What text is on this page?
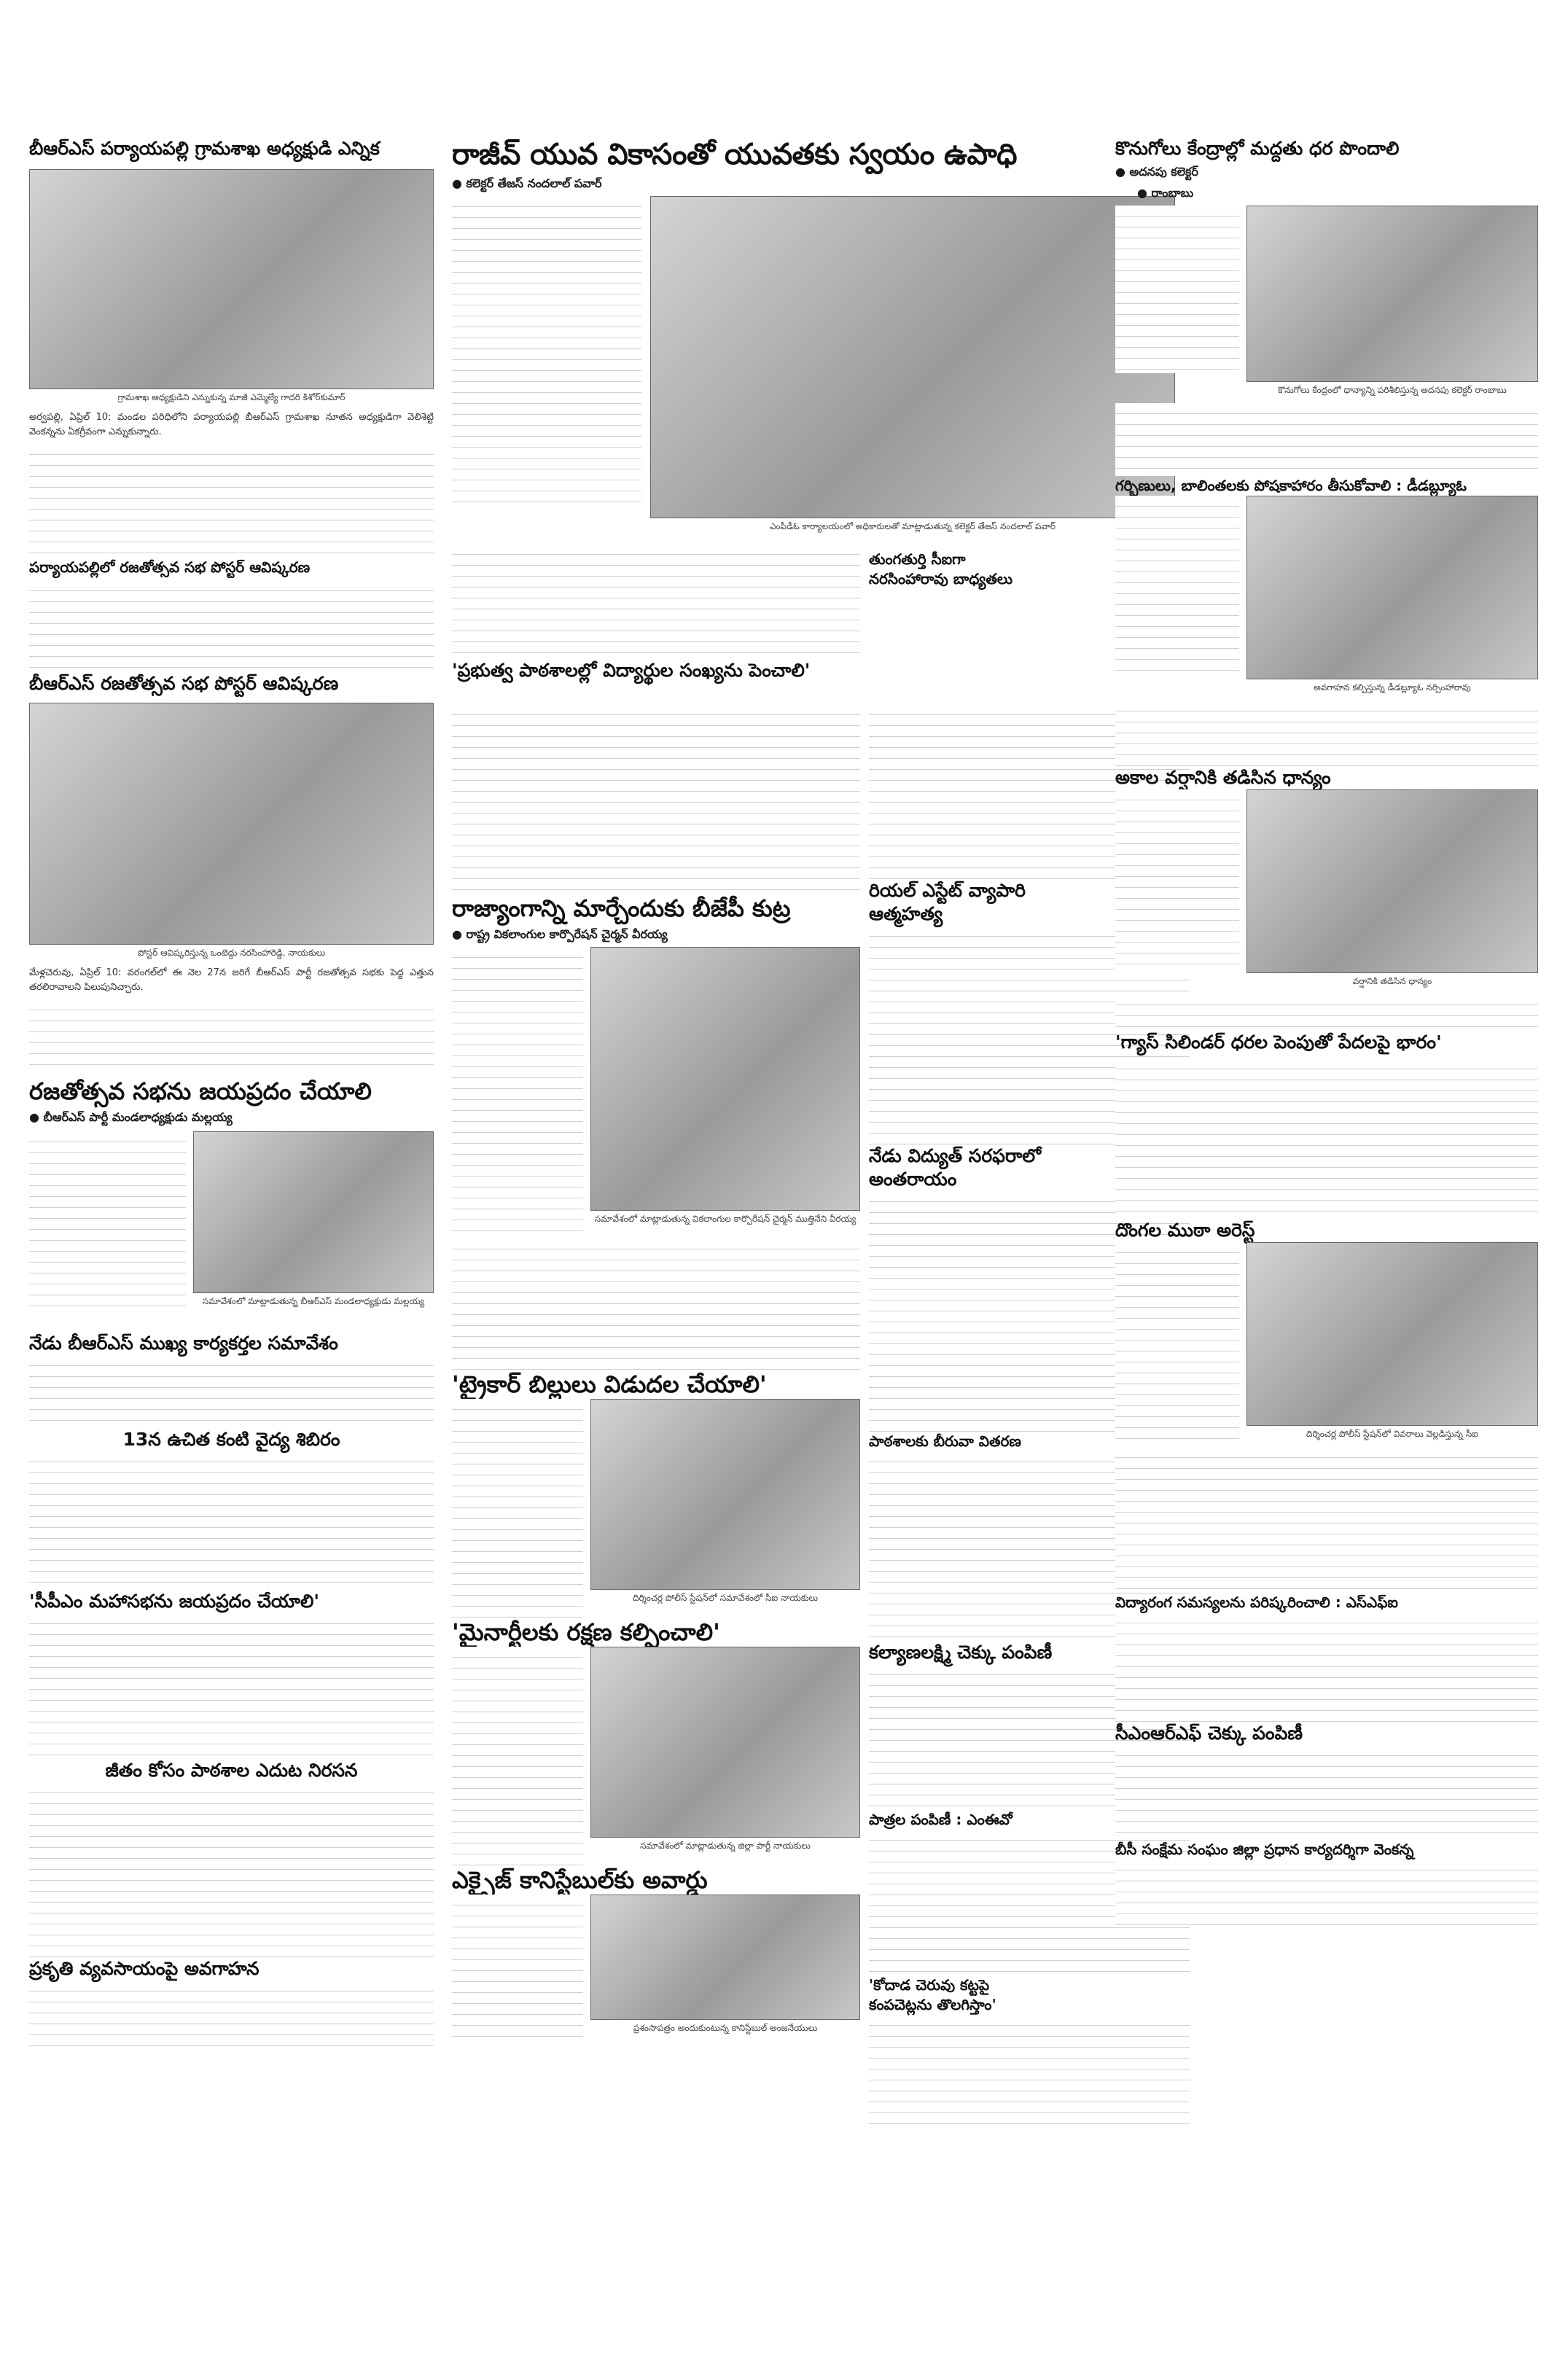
బీఆర్ఎస్ పర్యాయపల్లి గ్రామశాఖ అధ్యక్షుడి ఎన్నిక
గ్రామశాఖ అధ్యక్షుడిని ఎన్నుకున్న మాజీ ఎమ్మెల్యే గాదరి కిశోర్‌కుమార్

అర్వపల్లి, ఏప్రిల్ 10: మండల పరిధిలోని పర్యాయపల్లి బీఆర్ఎస్ గ్రామశాఖ నూతన అధ్యక్షుడిగా వెలిశెట్టి వెంకన్నను ఏకగ్రీవంగా ఎన్నుకున్నారు.

పర్యాయపల్లిలో రజతోత్సవ సభ పోస్టర్ ఆవిష్కరణ
బీఆర్ఎస్ రజతోత్సవ సభ పోస్టర్ ఆవిష్కరణ
పోస్టర్ ఆవిష్కరిస్తున్న ఒంటెద్దు నరసింహారెడ్డి, నాయకులు

మేళ్లచెరువు, ఏప్రిల్ 10: వరంగల్‌లో ఈ నెల 27న జరిగే బీఆర్ఎస్ పార్టీ రజతోత్సవ సభకు పెద్ద ఎత్తున తరలిరావాలని పిలుపునిచ్చారు.

రజతోత్సవ సభను జయప్రదం చేయాలి
● బీఆర్ఎస్ పార్టీ మండలాధ్యక్షుడు మల్లయ్య
సమావేశంలో మాట్లాడుతున్న బీఆర్ఎస్ మండలాధ్యక్షుడు మల్లయ్య
నేడు బీఆర్ఎస్ ముఖ్య కార్యకర్తల సమావేశం
13న ఉచిత కంటి వైద్య శిబిరం
'సీపీఎం మహాసభను జయప్రదం చేయాలి'
జీతం కోసం పాఠశాల ఎదుట నిరసన
ప్రకృతి వ్యవసాయంపై అవగాహన
రాజీవ్ యువ వికాసంతో యువతకు స్వయం ఉపాధి
● కలెక్టర్ తేజస్ నందలాల్ పవార్
ఎంపీడీఓ కార్యాలయంలో అధికారులతో మాట్లాడుతున్న కలెక్టర్ తేజస్ నందలాల్ పవార్
'ప్రభుత్వ పాఠశాలల్లో విద్యార్థుల సంఖ్యను పెంచాలి'
తుంగతుర్తి సీఐగా
నరసింహారావు బాధ్యతలు
రాజ్యాంగాన్ని మార్చేందుకు బీజేపీ కుట్ర
● రాష్ట్ర వికలాంగుల కార్పొరేషన్ చైర్మన్ వీరయ్య
సమావేశంలో మాట్లాడుతున్న వికలాంగుల కార్పొరేషన్ చైర్మన్ ముత్తినేని వీరయ్య
'ట్రైకార్ బిల్లులు విడుదల చేయాలి'
దిర్శించర్ల పోలీస్ స్టేషన్‌లో సమావేశంలో సీఐ నాయకులు
'మైనార్టీలకు రక్షణ కల్పించాలి'
సమావేశంలో మాట్లాడుతున్న జిల్లా పార్టీ నాయకులు
ఎక్సైజ్ కానిస్టేబుల్‌కు అవార్డు
ప్రశంసాపత్రం అందుకుంటున్న కానిస్టేబుల్ అంజనేయులు
రియల్ ఎస్టేట్ వ్యాపారి
ఆత్మహత్య
నేడు విద్యుత్ సరఫరాలో
అంతరాయం
పాఠశాలకు బీరువా వితరణ
కల్యాణలక్ష్మి చెక్కు పంపిణీ
పాత్రల పంపిణీ : ఎంఈవో
'కోదాడ చెరువు కట్టపై
కంపచెట్లను తొలగిస్తాం'
కొనుగోలు కేంద్రాల్లో మద్దతు ధర పొందాలి
● అదనపు కలెక్టర్
● రాంబాబు
కొనుగోలు కేంద్రంలో ధాన్యాన్ని పరిశీలిస్తున్న అదనపు కలెక్టర్ రాంబాబు
గర్భిణులు, బాలింతలకు పోషకాహారం తీసుకోవాలి : డీడబ్ల్యూఓ
అవగాహన కల్పిస్తున్న డీడబ్ల్యూఓ నర్సింహారావు
అకాల వర్షానికి తడిసిన ధాన్యం
వర్షానికి తడిసిన ధాన్యం
'గ్యాస్ సిలిండర్ ధరల పెంపుతో పేదలపై భారం'
దొంగల ముఠా అరెస్ట్
దిర్శించర్ల పోలీస్ స్టేషన్‌లో వివరాలు వెల్లడిస్తున్న సీఐ
విద్యారంగ సమస్యలను పరిష్కరించాలి : ఎస్ఎఫ్ఐ
సీఎంఆర్ఎఫ్ చెక్కు పంపిణీ
బీసీ సంక్షేమ సంఘం జిల్లా ప్రధాన కార్యదర్శిగా వెంకన్న
